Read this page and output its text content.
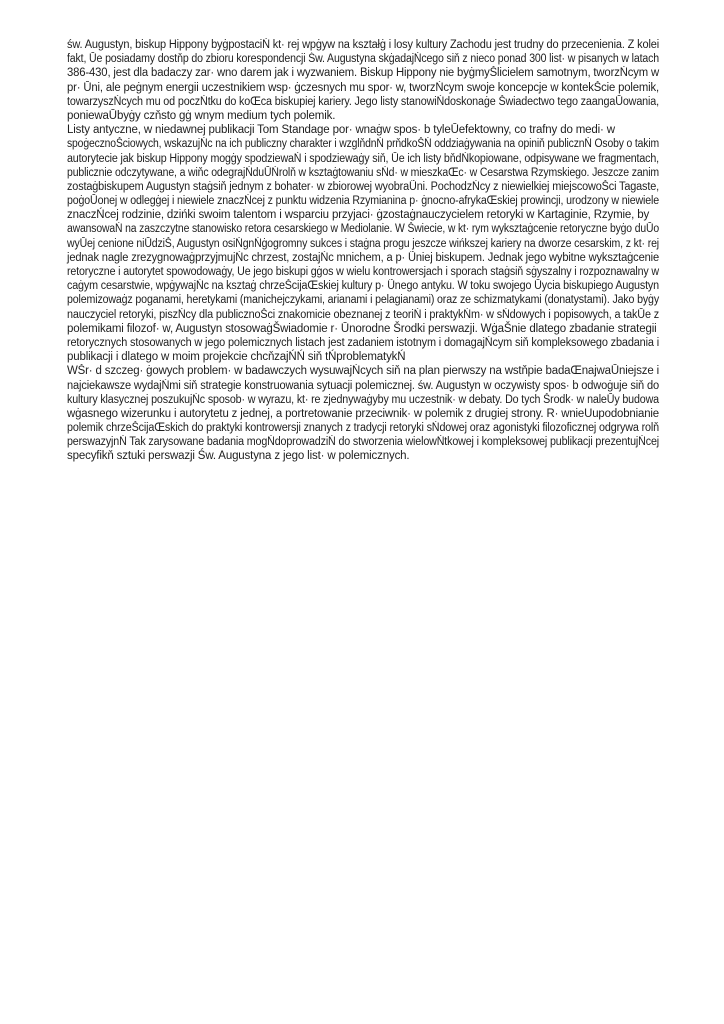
św. Augustyn, biskup Hippony byġpostaciŃ kt· rej wpġyw na kształġ i losy kultury Zachodu jest trudny do przecenienia. Z kolei
fakt, Ūe posiadamy dostňp do zbioru korespondencji Św. Augustyna skġadajŃcego siň z nieco ponad 300 list· w pisanych w latach
386-430, jest dla badaczy zar· wno darem jak i wyzwaniem. Biskup Hippony nie byġmyŠlicielem samotnym, tworzŃcym w
pr· Ūni, ale peġnym energii uczestnikiem wsp· ġczesnych mu spor· w, tworzŃcym swoje koncepcje w kontekŠcie polemik,
towarzyszŃcych mu od poczŃtku do koŒca biskupiej kariery. Jego listy stanowiŃdoskonaġe Šwiadectwo tego zaangaŪowania,
poniewaŪbyġy czňsto gġ wnym medium tych polemik.
Listy antyczne, w niedawnej publikacji Tom Standage por· wnaġw spos· b tyleŪefektowny, co trafny do medi· w
spoġecznoŠciowych, wskazujŃc na ich publiczny charakter i wzglňdnŃ prňdkoŠŃ oddziaġywania na opiniň publicznŃ Osoby o takim
autorytecie jak biskup Hippony mogġy spodziewaŃ i spodziewaġy siň, Ūe ich listy bňdŃkopiowane, odpisywane we fragmentach,
publicznie odczytywane, a wiňc odegrajŃduŪŃrolň w ksztaġtowaniu sŃd· w mieszkaŒc· w Cesarstwa Rzymskiego. Jeszcze zanim
zostaġbiskupem Augustyn staġsiň jednym z bohater· w zbiorowej wyobraŨni. PochodzŃcy z niewielkiej miejscowoŠci Tagaste,
poġoŪonej w odlegġej i niewiele znaczŃcej z punktu widzenia Rzymianina p· ġnocno-afrykaŒskiej prowincji, urodzony w niewiele
znaczŃcej rodzinie, dzińki swoim talentom i wsparciu przyjaci· ġzostaġnauczycielem retoryki w Kartaginie, Rzymie, by
awansowaŃ na zaszczytne stanowisko retora cesarskiego w Mediolanie. W Šwiecie, w kt· rym wyksztaġcenie retoryczne byġo duŪo
wyŪej cenione niŪdziŠ, Augustyn osiŃgnŃġogromny sukces i staġna progu jeszcze wińkszej kariery na dworze cesarskim, z kt· rej
jednak nagle zrezygnowaġprzyjmujŃc chrzest, zostajŃc mnichem, a p· Ũniej biskupem. Jednak jego wybitne wyksztaġcenie
retoryczne i autorytet spowodowaġy, Ūe jego biskupi gġos w wielu kontrowersjach i sporach staġsiň sġyszalny i rozpoznawalny w
caġym cesarstwie, wpġywajŃc na ksztaġ chrzeŠcijaŒskiej kultury p· Ũnego antyku. W toku swojego Ūycia biskupiego Augustyn
polemizowaġz poganami, heretykami (manichejczykami, arianami i pelagianami) oraz ze schizmatykami (donatystami). Jako byġy
nauczyciel retoryki, piszŃcy dla publicznoŠci znakomicie obeznanej z teoriŃ i praktykŃm· w sŃdowych i popisowych, a takŪe z
polemikami filozof· w, Augustyn stosowaġŠwiadomie r· Ūnorodne Šrodki perswazji. WġaŠnie dlatego zbadanie strategii
retorycznych stosowanych w jego polemicznych listach jest zadaniem istotnym i domagajŃcym siň kompleksowego zbadania i
publikacji i dlatego w moim projekcie chcňzajŃŃ siň tŃproblematykŃ
WŠr· d szczeg· ġowych problem· w badawczych wysuwajŃcych siň na plan pierwszy na wstňpie badaŒnajwaŪniejsze i
najciekawsze wydajŃmi siň strategie konstruowania sytuacji polemicznej. św. Augustyn w oczywisty spos· b odwoġuje siň do
kultury klasycznej poszukujŃc sposob· w wyrazu, kt· re zjednywaġyby mu uczestnik· w debaty. Do tych Šrodk· w naleŪy budowa
wġasnego wizerunku i autorytetu z jednej, a portretowanie przeciwnik· w polemik z drugiej strony. R· wnieŪupodobnianie
polemik chrzeŠcijaŒskich do praktyki kontrowersji znanych z tradycji retoryki sŃdowej oraz agonistyki filozoficznej odgrywa rolň
perswazyjnŃ Tak zarysowane badania mogŃdoprowadziŃ do stworzenia wielowŃtkowej i kompleksowej publikacji prezentujŃcej
specyfikň sztuki perswazji Św. Augustyna z jego list· w polemicznych.
